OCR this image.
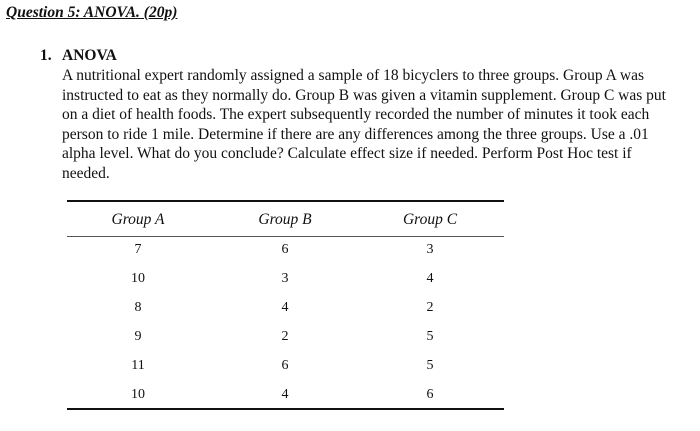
Question 5: ANOVA. (20p)
1. ANOVA
A nutritional expert randomly assigned a sample of 18 bicyclers to three groups. Group A was
instructed to eat as they normally do. Group B was given a vitamin supplement. Group C was put
on a diet of health foods. The expert subsequently recorded the number of minutes it took each
person to ride 1 mile. Determine if there are any differences among the three groups. Use a .01
alpha level. What do you conclude? Calculate effect size if needed. Perform Post Hoc test if
needed.
Group A	Group B	Group C
7	6	3
10	3	4
8	4	2
9	2	5
11	6	5
10	4	6
